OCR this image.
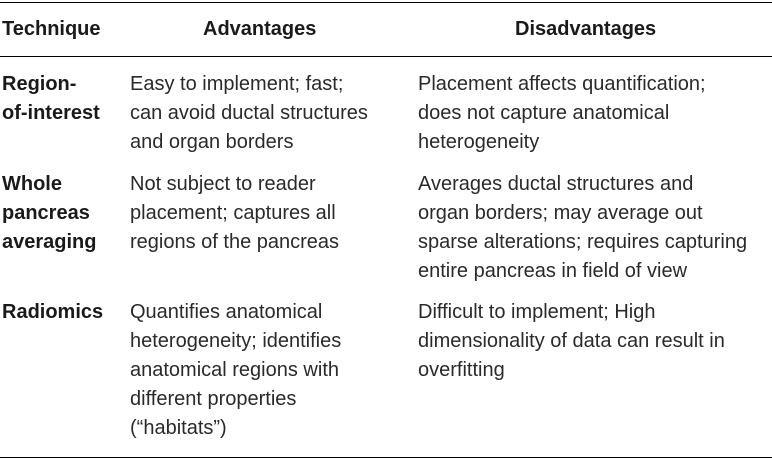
Technique	Advantages	Disadvantages
Region-
of-interest
Easy to implement; fast;
can avoid ductal structures
and organ borders
Placement affects quantification;
does not capture anatomical
heterogeneity
Whole
pancreas
averaging
Not subject to reader
placement; captures all
regions of the pancreas
Averages ductal structures and
organ borders; may average out
sparse alterations; requires capturing
entire pancreas in field of view
Radiomics Quantifies anatomical
heterogeneity; identifies
anatomical regions with
different properties
(“habitats”)
Difficult to implement; High
dimensionality of data can result in
overfitting
